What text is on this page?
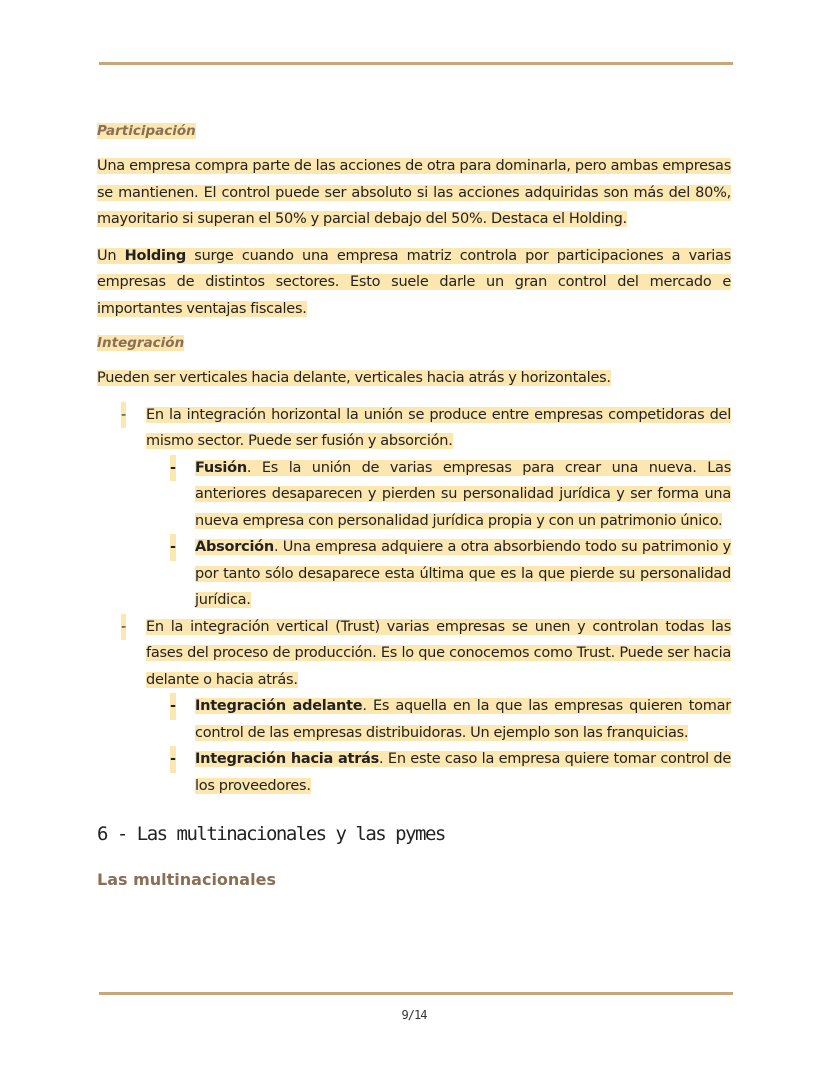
Participación

Una empresa compra parte de las acciones de otra para dominarla, pero ambas empresas se mantienen. El control puede ser absoluto si las acciones adquiridas son más del 80%, mayoritario si superan el 50% y parcial debajo del 50%. Destaca el Holding.

Un Holding surge cuando una empresa matriz controla por participaciones a varias empresas de distintos sectores. Esto suele darle un gran control del mercado e importantes ventajas fiscales.

Integración

Pueden ser verticales hacia delante, verticales hacia atrás y horizontales.

- En la integración horizontal la unión se produce entre empresas competidoras del mismo sector. Puede ser fusión y absorción.
- Fusión. Es la unión de varias empresas para crear una nueva. Las anteriores desaparecen y pierden su personalidad jurídica y ser forma una nueva empresa con personalidad jurídica propia y con un patrimonio único.
- Absorción. Una empresa adquiere a otra absorbiendo todo su patrimonio y por tanto sólo desaparece esta última que es la que pierde su personalidad jurídica.
- En la integración vertical (Trust) varias empresas se unen y controlan todas las fases del proceso de producción. Es lo que conocemos como Trust. Puede ser hacia delante o hacia atrás.
- Integración adelante. Es aquella en la que las empresas quieren tomar control de las empresas distribuidoras. Un ejemplo son las franquicias.
- Integración hacia atrás. En este caso la empresa quiere tomar control de los proveedores.
6 - Las multinacionales y las pymes
Las multinacionales
9/14
